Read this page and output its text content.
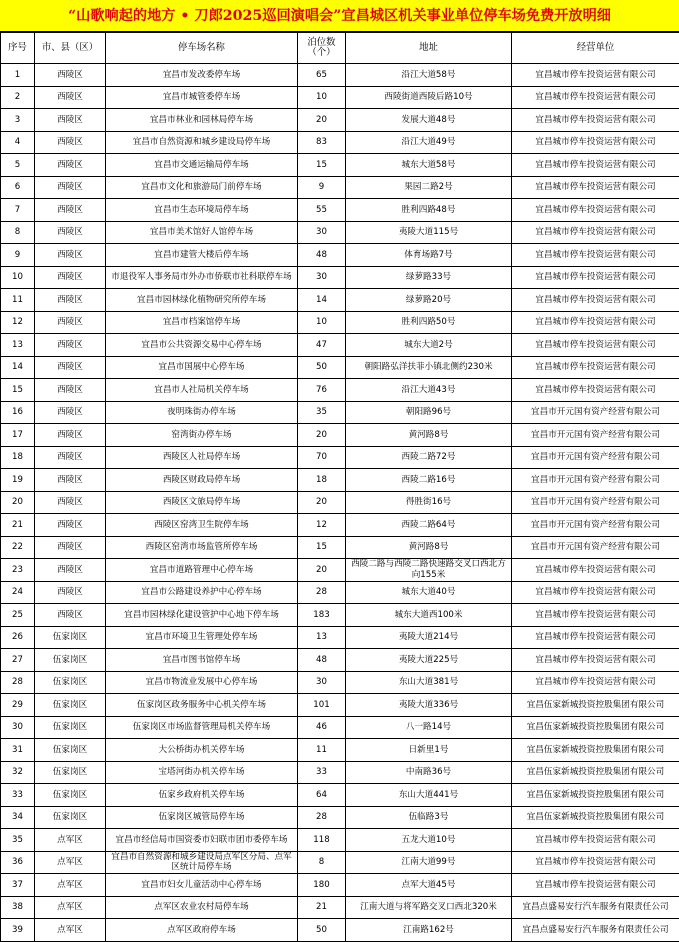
“山歌响起的地方 • 刀郎2025巡回演唱会”宜昌城区机关事业单位停车场免费开放明细
序号	市、县（区）	停车场名称	泊位数（个）	地址	经营单位
1	西陵区	宜昌市发改委停车场	65	沿江大道58号	宜昌城市停车投资运营有限公司
2	西陵区	宜昌市城管委停车场	10	西陵街道西陵后路10号	宜昌城市停车投资运营有限公司
3	西陵区	宜昌市林业和园林局停车场	20	发展大道48号	宜昌城市停车投资运营有限公司
4	西陵区	宜昌市自然资源和城乡建设局停车场	83	沿江大道49号	宜昌城市停车投资运营有限公司
5	西陵区	宜昌市交通运输局停车场	15	城东大道58号	宜昌城市停车投资运营有限公司
6	西陵区	宜昌市文化和旅游局门前停车场	9	果园二路2号	宜昌城市停车投资运营有限公司
7	西陵区	宜昌市生态环境局停车场	55	胜利四路48号	宜昌城市停车投资运营有限公司
8	西陵区	宜昌市美术馆好人馆停车场	30	夷陵大道115号	宜昌城市停车投资运营有限公司
9	西陵区	宜昌市建管大楼后停车场	48	体育场路7号	宜昌城市停车投资运营有限公司
10	西陵区	市退役军人事务局市外办市侨联市社科联停车场	30	绿萝路33号	宜昌城市停车投资运营有限公司
11	西陵区	宜昌市园林绿化植物研究所停车场	14	绿萝路20号	宜昌城市停车投资运营有限公司
12	西陵区	宜昌市档案馆停车场	10	胜利四路50号	宜昌城市停车投资运营有限公司
13	西陵区	宜昌市公共资源交易中心停车场	47	城东大道2号	宜昌城市停车投资运营有限公司
14	西陵区	宜昌市国展中心停车场	50	朝阳路弘洋扶菲小镇北侧约230米	宜昌城市停车投资运营有限公司
15	西陵区	宜昌市人社局机关停车场	76	沿江大道43号	宜昌城市停车投资运营有限公司
16	西陵区	夜明珠街办停车场	35	朝阳路96号	宜昌市开元国有资产经营有限公司
17	西陵区	窑湾街办停车场	20	黄河路8号	宜昌市开元国有资产经营有限公司
18	西陵区	西陵区人社局停车场	70	西陵二路72号	宜昌市开元国有资产经营有限公司
19	西陵区	西陵区财政局停车场	18	西陵二路16号	宜昌市开元国有资产经营有限公司
20	西陵区	西陵区文旅局停车场	20	得胜街16号	宜昌市开元国有资产经营有限公司
21	西陵区	西陵区窑湾卫生院停车场	12	西陵二路64号	宜昌市开元国有资产经营有限公司
22	西陵区	西陵区窑湾市场监管所停车场	15	黄河路8号	宜昌市开元国有资产经营有限公司
23	西陵区	宜昌市道路管理中心停车场	20	西陵二路与西陵二路快速路交叉口西北方向155米	宜昌城市停车投资运营有限公司
24	西陵区	宜昌市公路建设养护中心停车场	28	城东大道40号	宜昌城市停车投资运营有限公司
25	西陵区	宜昌市园林绿化建设管护中心地下停车场	183	城东大道西100米	宜昌城市停车投资运营有限公司
26	伍家岗区	宜昌市环境卫生管理处停车场	13	夷陵大道214号	宜昌城市停车投资运营有限公司
27	伍家岗区	宜昌市图书馆停车场	48	夷陵大道225号	宜昌城市停车投资运营有限公司
28	伍家岗区	宜昌市物流业发展中心停车场	30	东山大道381号	宜昌城市停车投资运营有限公司
29	伍家岗区	伍家岗区政务服务中心机关停车场	101	夷陵大道336号	宜昌伍家新城投资控股集团有限公司
30	伍家岗区	伍家岗区市场监督管理局机关停车场	46	八一路14号	宜昌伍家新城投资控股集团有限公司
31	伍家岗区	大公桥街办机关停车场	11	日新里1号	宜昌伍家新城投资控股集团有限公司
32	伍家岗区	宝塔河街办机关停车场	33	中南路36号	宜昌伍家新城投资控股集团有限公司
33	伍家岗区	伍家乡政府机关停车场	64	东山大道441号	宜昌伍家新城投资控股集团有限公司
34	伍家岗区	伍家岗区城管局停车场	28	伍临路3号	宜昌伍家新城投资控股集团有限公司
35	点军区	宜昌市经信局市国资委市妇联市团市委停车场	118	五龙大道10号	宜昌城市停车投资运营有限公司
36	点军区	宜昌市自然资源和城乡建设局点军区分局、点军区统计局停车场	8	江南大道99号	宜昌城市停车投资运营有限公司
37	点军区	宜昌市妇女儿童活动中心停车场	180	点军大道45号	宜昌城市停车投资运营有限公司
38	点军区	点军区农业农村局停车场	21	江南大道与将军路交叉口西北320米	宜昌点盛易安行汽车服务有限责任公司
39	点军区	点军区政府停车场	50	江南路162号	宜昌点盛易安行汽车服务有限责任公司
